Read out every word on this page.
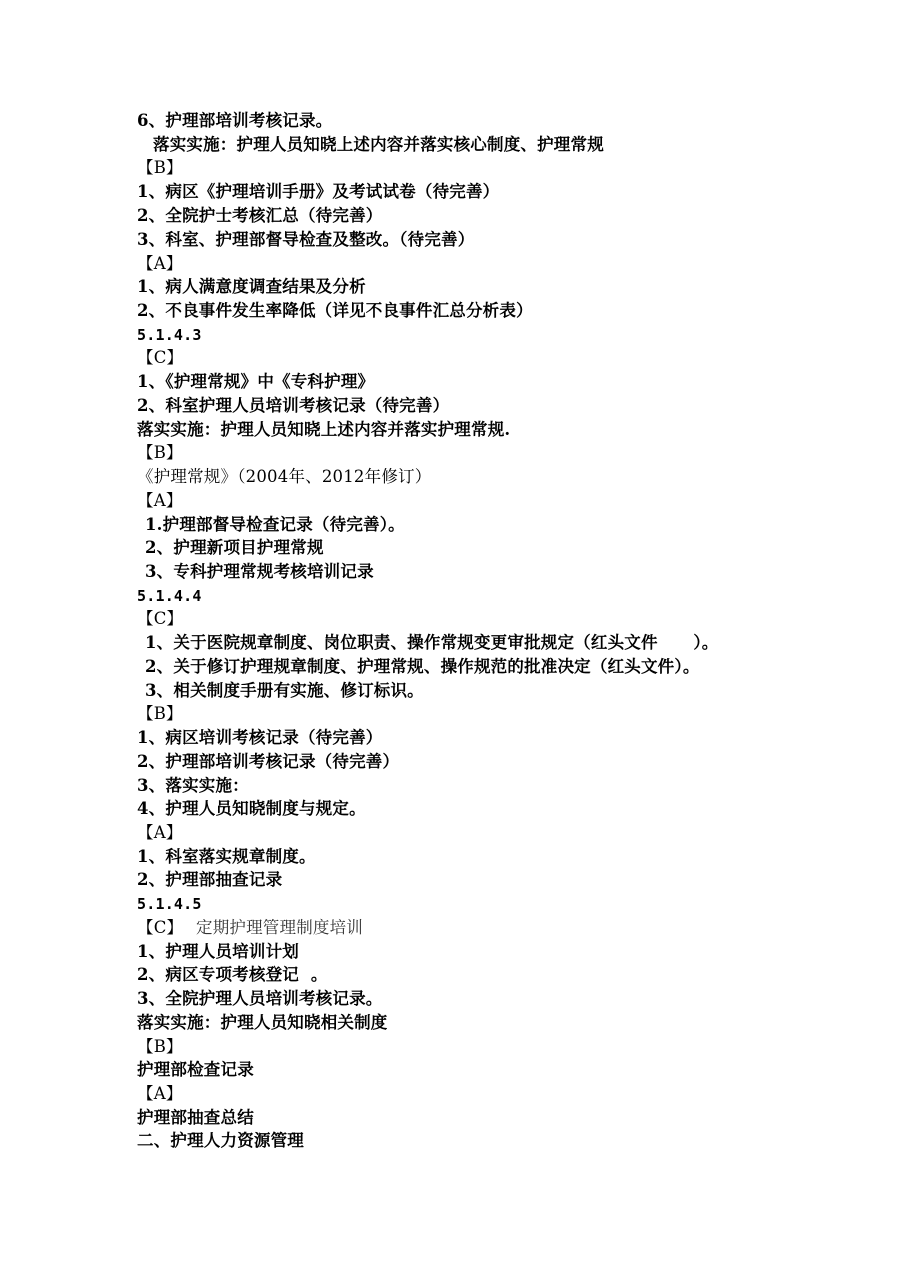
6、护理部培训考核记录。
落实实施：护理人员知晓上述内容并落实核心制度、护理常规
【B】
1、病区《护理培训手册》及考试试卷（待完善）
2、全院护士考核汇总（待完善）
3、科室、护理部督导检查及整改。（待完善）
【A】
1、病人满意度调查结果及分析
2、不良事件发生率降低（详见不良事件汇总分析表）
5.1.4.3
【C】
1、《护理常规》中《专科护理》
2、科室护理人员培训考核记录（待完善）
落实实施：护理人员知晓上述内容并落实护理常规.
【B】
《护理常规》（2004年、2012年修订）
【A】
1.护理部督导检查记录（待完善）。
2、护理新项目护理常规
3、专科护理常规考核培训记录
5.1.4.4
【C】
1、关于医院规章制度、岗位职责、操作常规变更审批规定（红头文件      ）。
2、关于修订护理规章制度、护理常规、操作规范的批准决定（红头文件）。
3、相关制度手册有实施、修订标识。
【B】
1、病区培训考核记录（待完善）
2、护理部培训考核记录（待完善）
3、落实实施：
4、护理人员知晓制度与规定。
【A】
1、科室落实规章制度。
2、护理部抽查记录
5.1.4.5
【C】 定期护理管理制度培训
1、护理人员培训计划
2、病区专项考核登记  。
3、全院护理人员培训考核记录。
落实实施：护理人员知晓相关制度
【B】
护理部检查记录
【A】
护理部抽查总结
二、护理人力资源管理
